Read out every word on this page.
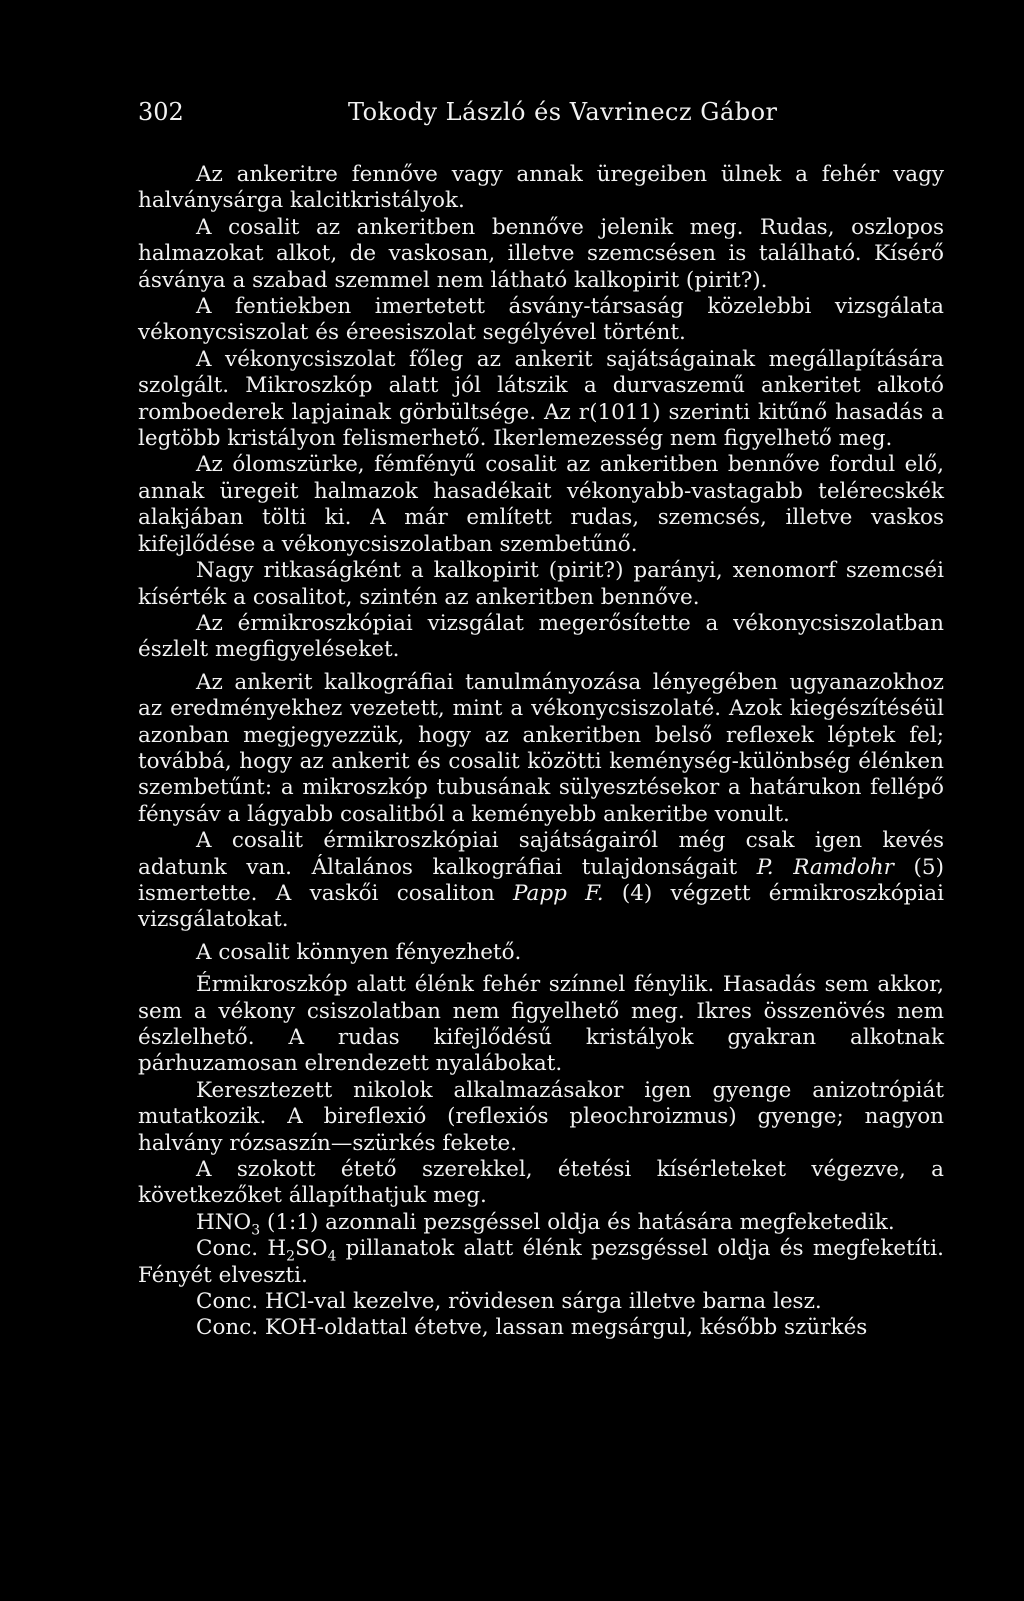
302	Tokody László és Vavrinecz Gábor

Az ankeritre fennőve vagy annak üregeiben ülnek a fehér vagy halványsárga kalcitkristályok.

A cosalit az ankeritben bennőve jelenik meg. Rudas, oszlopos halmazokat alkot, de vaskosan, illetve szemcsésen is található. Kísérő ásványa a szabad szemmel nem látható kalkopirit (pirit?).

A fentiekben imertetett ásvány-társaság közelebbi vizsgálata vékonycsiszolat és éreesiszolat segélyével történt.

A vékonycsiszolat főleg az ankerit sajátságainak megállapítására szolgált. Mikroszkóp alatt jól látszik a durvaszemű ankeritet alkotó romboederek lapjainak görbültsége. Az r(1011) szerinti kitűnő hasadás a legtöbb kristályon felismerhető. Ikerlemezesség nem figyelhető meg.

Az ólomszürke, fémfényű cosalit az ankeritben bennőve fordul elő, annak üregeit halmazok hasadékait vékonyabb-vastagabb telérecskék alakjában tölti ki. A már említett rudas, szemcsés, illetve vaskos kifejlődése a vékonycsiszolatban szembetűnő.

Nagy ritkaságként a kalkopirit (pirit?) parányi, xenomorf szemcséi kísérték a cosalitot, szintén az ankeritben bennőve.

Az érmikroszkópiai vizsgálat megerősítette a vékonycsiszolatban észlelt megfigyeléseket.

Az ankerit kalkográfiai tanulmányozása lényegében ugyanazokhoz az eredményekhez vezetett, mint a vékonycsiszolaté. Azok kiegészítéséül azonban megjegyezzük, hogy az ankeritben belső reflexek léptek fel; továbbá, hogy az ankerit és cosalit közötti keménység-különbség élénken szembetűnt: a mikroszkóp tubusának sülyesztésekor a határukon fellépő fénysáv a lágyabb cosalitból a keményebb ankeritbe vonult.

A cosalit érmikroszkópiai sajátságairól még csak igen kevés adatunk van. Általános kalkográfiai tulajdonságait P. Ramdohr (5) ismertette. A vaskői cosaliton Papp F. (4) végzett érmikroszkópiai vizsgálatokat.

A cosalit könnyen fényezhető.

Érmikroszkóp alatt élénk fehér színnel fénylik. Hasadás sem akkor, sem a vékony csiszolatban nem figyelhető meg. Ikres összenövés nem észlelhető. A rudas kifejlődésű kristályok gyakran alkotnak párhuzamosan elrendezett nyalábokat.

Keresztezett nikolok alkalmazásakor igen gyenge anizotrópiát mutatkozik. A bireflexió (reflexiós pleochroizmus) gyenge; nagyon halvány rózsaszín—szürkés fekete.

A szokott étető szerekkel, étetési kísérleteket végezve, a következőket állapíthatjuk meg.

$HNO_3$ (1:1) azonnali pezsgéssel oldja és hatására megfeketedik.

Conc. $H_2SO_4$ pillanatok alatt élénk pezsgéssel oldja és megfeketíti. Fényét elveszti.

Conc. HCl-val kezelve, rövidesen sárga illetve barna lesz.

Conc. KOH-oldattal étetve, lassan megsárgul, később szürkés
